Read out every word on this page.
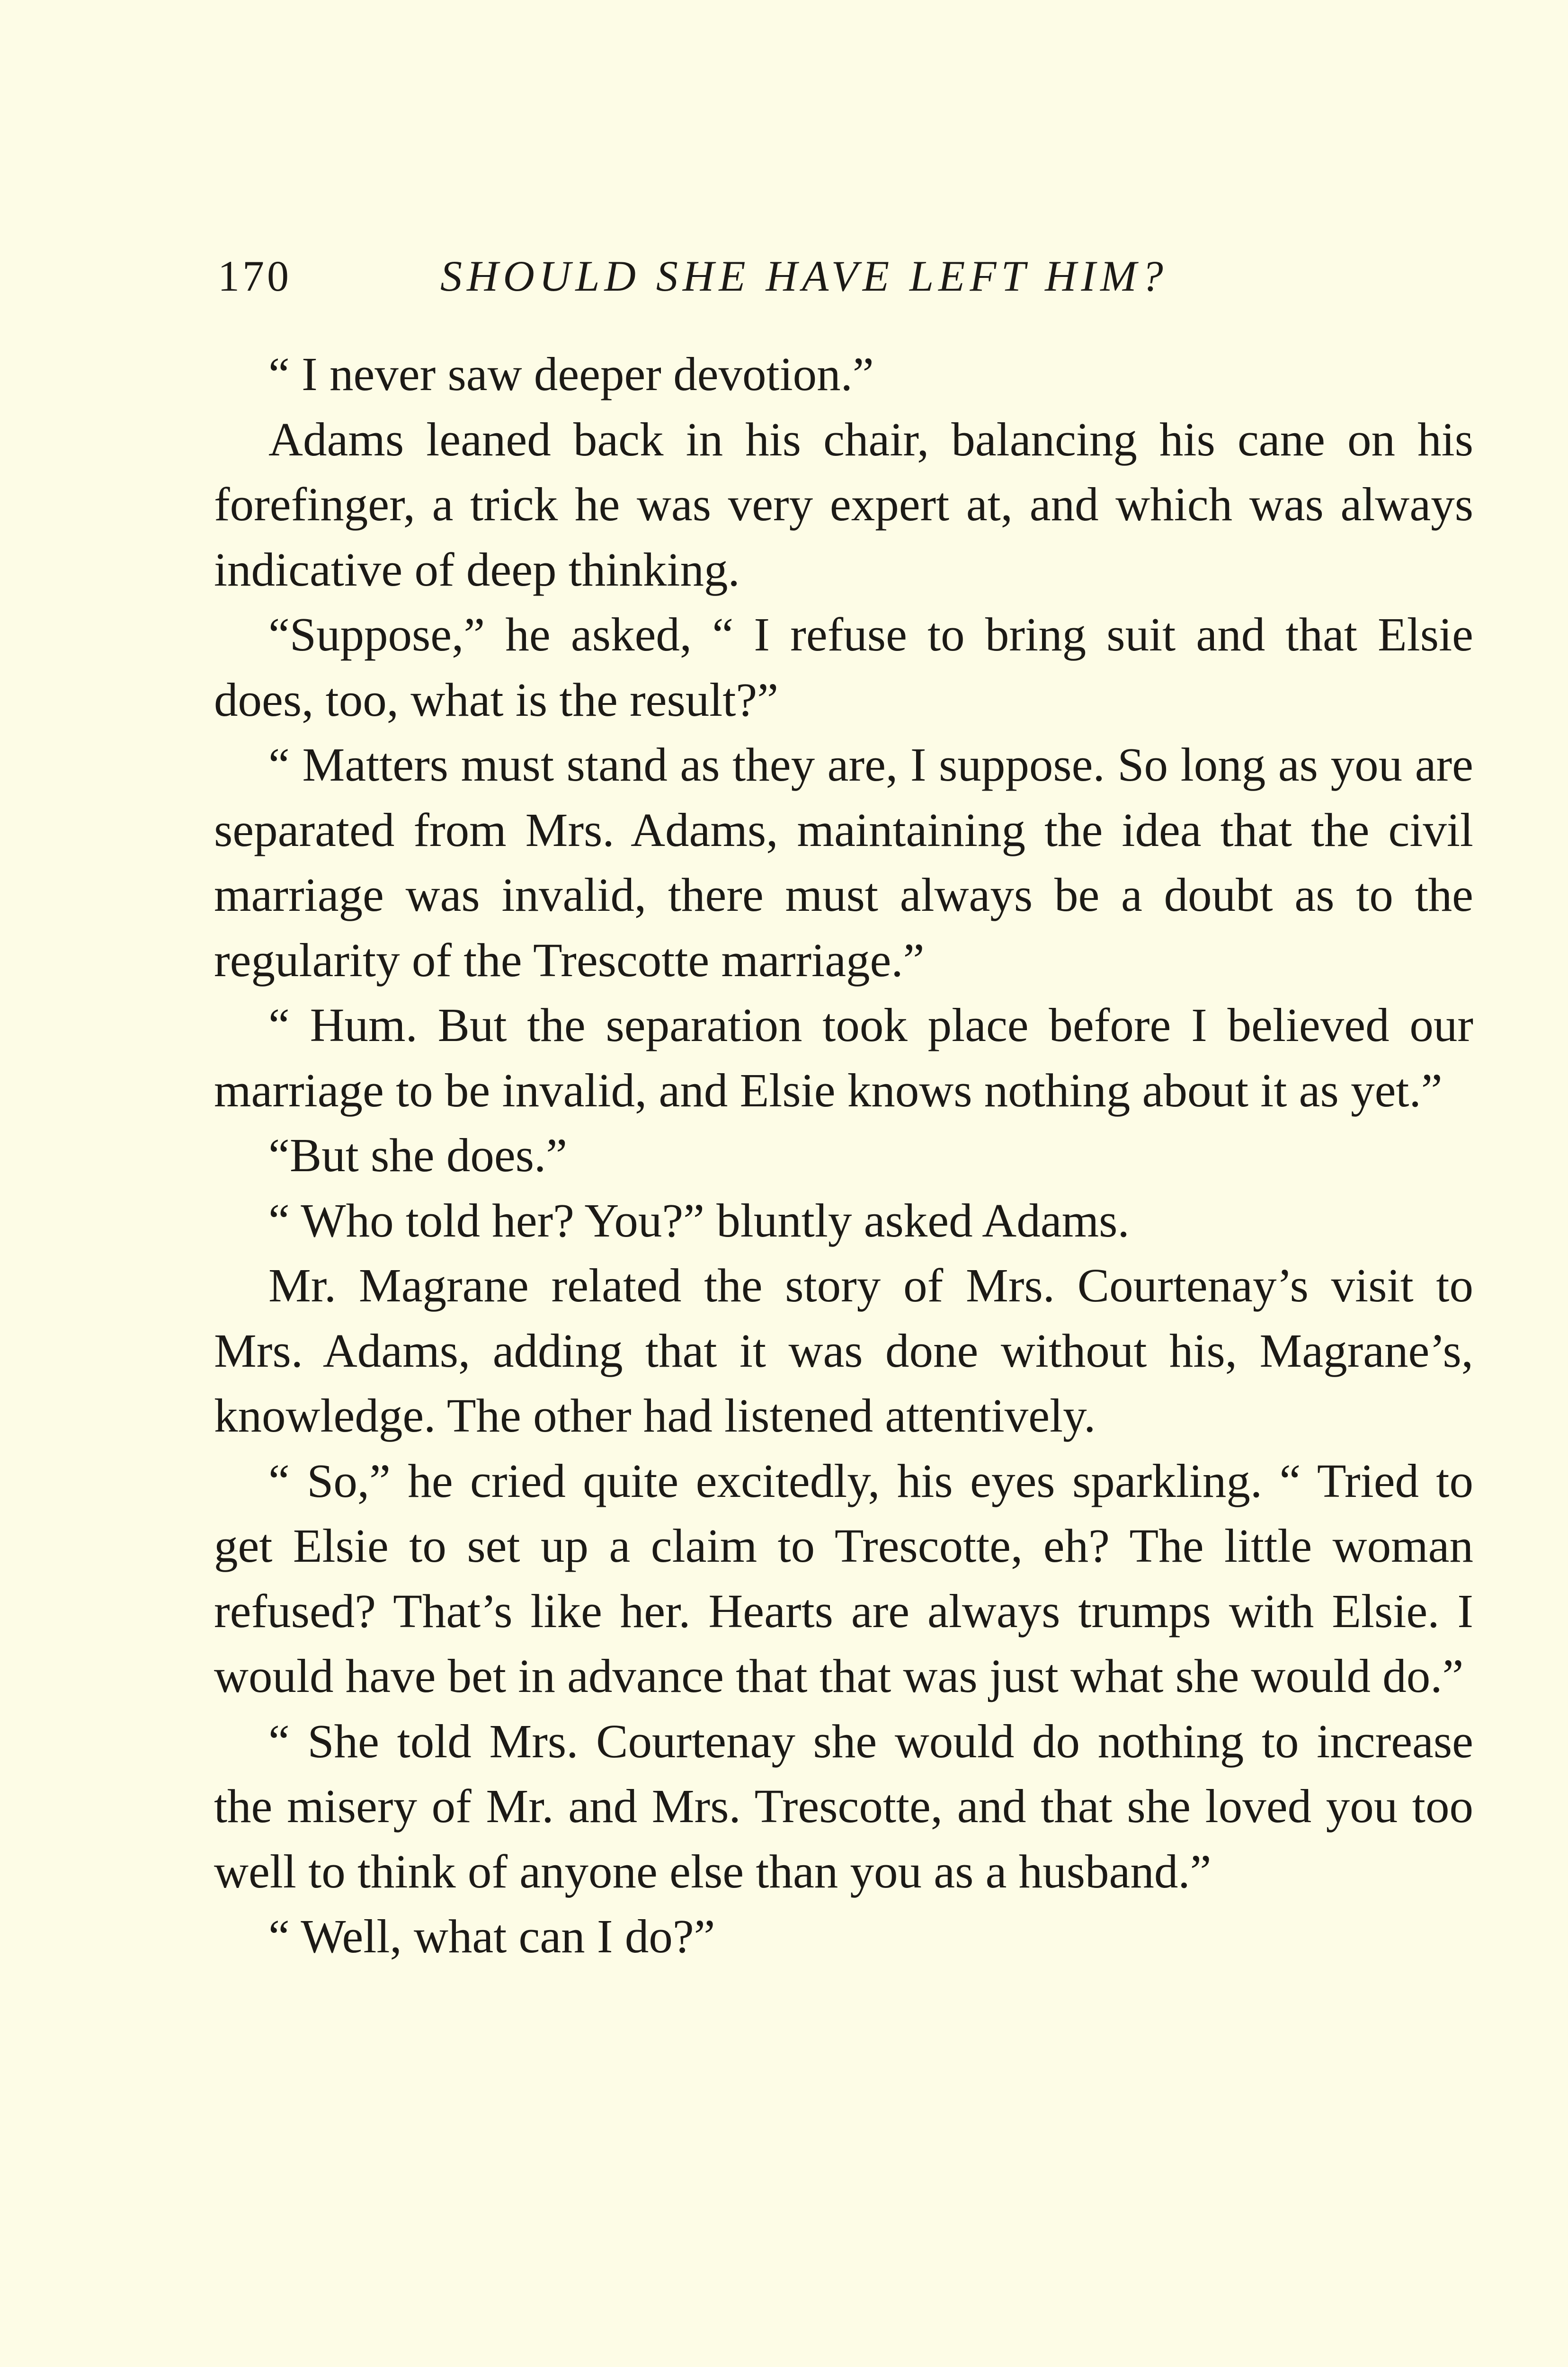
170	SHOULD SHE HAVE LEFT HIM?

“ I never saw deeper devotion.”

Adams leaned back in his chair, balancing his cane on his forefinger, a trick he was very expert at, and which was always indicative of deep thinking.

“Suppose,” he asked, “ I refuse to bring suit and that Elsie does, too, what is the result?”

“ Matters must stand as they are, I suppose. So long as you are separated from Mrs. Adams, maintaining the idea that the civil marriage was invalid, there must always be a doubt as to the regularity of the Trescotte marriage.”

“ Hum. But the separation took place before I believed our marriage to be invalid, and Elsie knows nothing about it as yet.”

“But she does.”

“ Who told her? You?” bluntly asked Adams.

Mr. Magrane related the story of Mrs. Courtenay’s visit to Mrs. Adams, adding that it was done without his, Magrane’s, knowledge. The other had listened attentively.

“ So,” he cried quite excitedly, his eyes sparkling. “ Tried to get Elsie to set up a claim to Trescotte, eh? The little woman refused? That’s like her. Hearts are always trumps with Elsie. I would have bet in advance that that was just what she would do.”

“ She told Mrs. Courtenay she would do nothing to increase the misery of Mr. and Mrs. Trescotte, and that she loved you too well to think of anyone else than you as a husband.”

“ Well, what can I do?”
